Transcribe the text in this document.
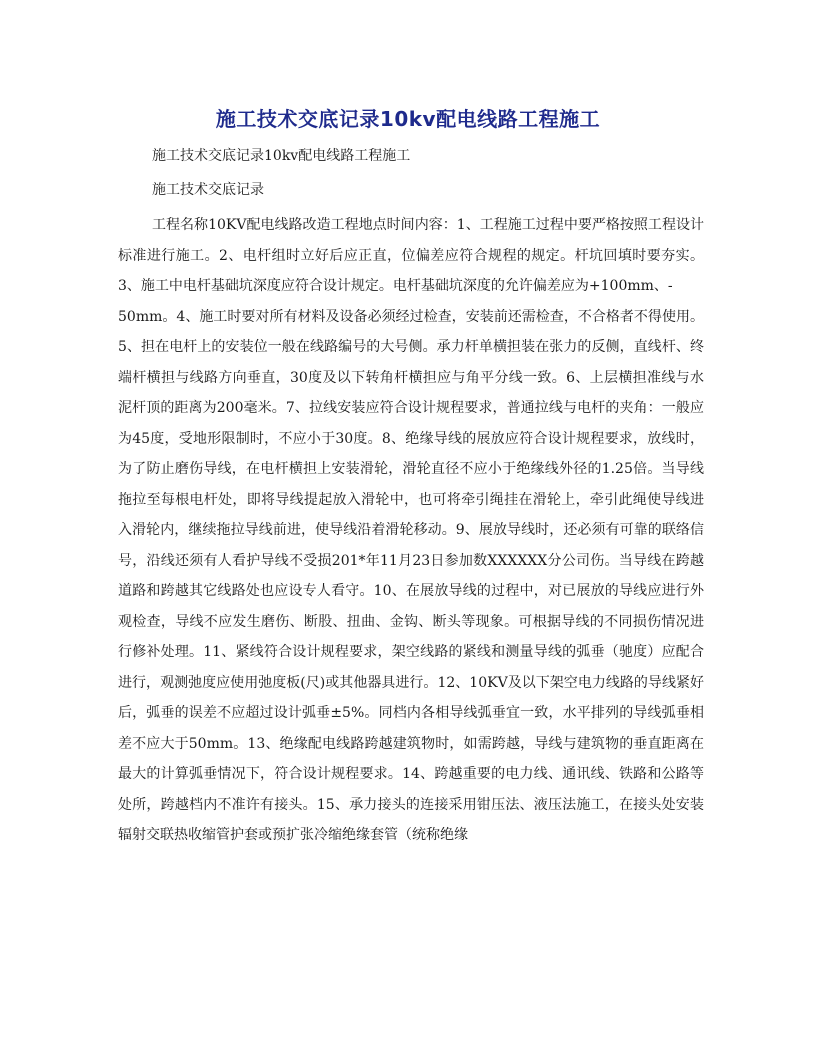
施工技术交底记录10kv配电线路工程施工
施工技术交底记录10kv配电线路工程施工
施工技术交底记录

工程名称10KV配电线路改造工程地点时间内容：1、工程施工过程中要严格按照工程设计标准进行施工。2、电杆组时立好后应正直，位偏差应符合规程的规定。杆坑回填时要夯实。3、施工中电杆基础坑深度应符合设计规定。电杆基础坑深度的允许偏差应为+100mm、-

50mm。4、施工时要对所有材料及设备必须经过检查，安装前还需检查，不合格者不得使用。5、担在电杆上的安装位一般在线路编号的大号侧。承力杆单横担装在张力的反侧，直线杆、终端杆横担与线路方向垂直，30度及以下转角杆横担应与角平分线一致。6、上层横担准线与水泥杆顶的距离为200毫米。7、拉线安装应符合设计规程要求，普通拉线与电杆的夹角：一般应为45度，受地形限制时，不应小于30度。8、绝缘导线的展放应符合设计规程要求，放线时，为了防止磨伤导线，在电杆横担上安装滑轮，滑轮直径不应小于绝缘线外径的1.25倍。当导线拖拉至每根电杆处，即将导线提起放入滑轮中，也可将牵引绳挂在滑轮上，牵引此绳使导线进入滑轮内，继续拖拉导线前进，使导线沿着滑轮移动。9、展放导线时，还必须有可靠的联络信号，沿线还须有人看护导线不受损201*年11月23日参加数XXXXXX分公司伤。当导线在跨越道路和跨越其它线路处也应设专人看守。10、在展放导线的过程中，对已展放的导线应进行外观检查，导线不应发生磨伤、断股、扭曲、金钩、断头等现象。可根据导线的不同损伤情况进行修补处理。11、紧线符合设计规程要求，架空线路的紧线和测量导线的弧垂（驰度）应配合进行，观测弛度应使用弛度板(尺)或其他器具进行。12、10KV及以下架空电力线路的导线紧好后，弧垂的误差不应超过设计弧垂±5%。同档内各相导线弧垂宜一致，水平排列的导线弧垂相差不应大于50mm。13、绝缘配电线路跨越建筑物时，如需跨越，导线与建筑物的垂直距离在最大的计算弧垂情况下，符合设计规程要求。14、跨越重要的电力线、通讯线、铁路和公路等处所，跨越档内不准许有接头。15、承力接头的连接采用钳压法、液压法施工，在接头处安装辐射交联热收缩管护套或预扩张冷缩绝缘套管（统称绝缘
